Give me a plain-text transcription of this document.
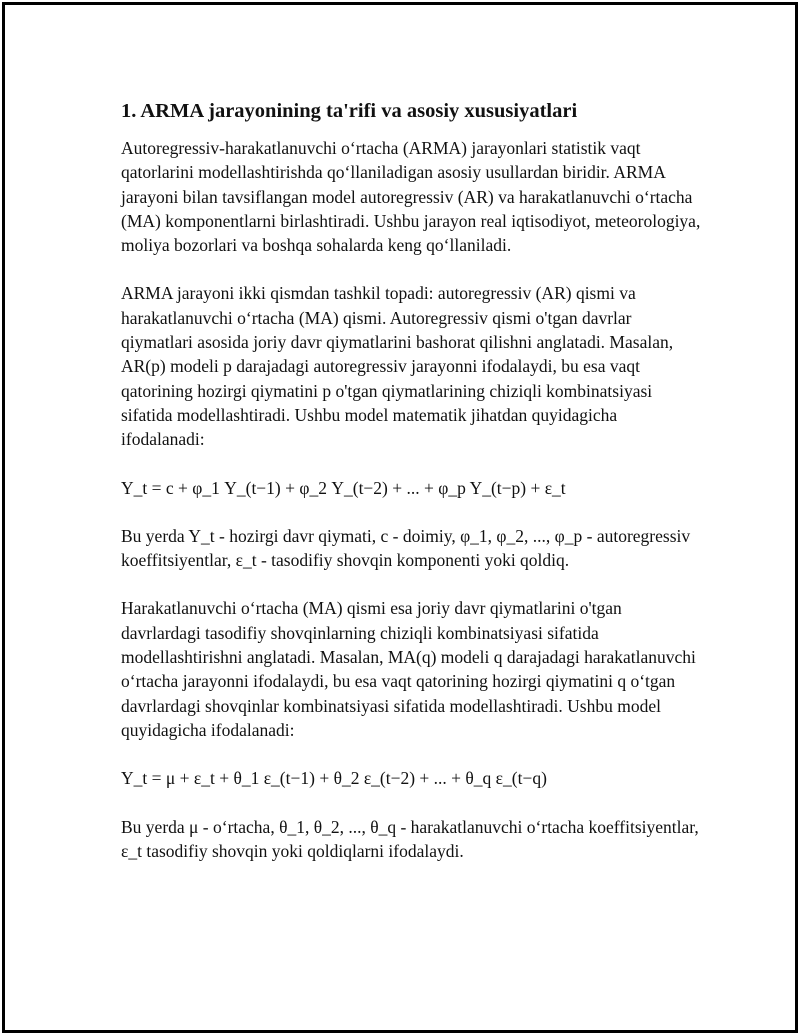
1. ARMA jarayonining ta'rifi va asosiy xususiyatlari

Autoregressiv-harakatlanuvchi oʻrtacha (ARMA) jarayonlari statistik vaqt qatorlarini modellashtirishda qoʻllaniladigan asosiy usullardan biridir. ARMA jarayoni bilan tavsiflangan model autoregressiv (AR) va harakatlanuvchi oʻrtacha (MA) komponentlarni birlashtiradi. Ushbu jarayon real iqtisodiyot, meteorologiya, moliya bozorlari va boshqa sohalarda keng qoʻllaniladi.

ARMA jarayoni ikki qismdan tashkil topadi: autoregressiv (AR) qismi va harakatlanuvchi oʻrtacha (MA) qismi. Autoregressiv qismi o'tgan davrlar qiymatlari asosida joriy davr qiymatlarini bashorat qilishni anglatadi. Masalan, AR(p) modeli p darajadagi autoregressiv jarayonni ifodalaydi, bu esa vaqt qatorining hozirgi qiymatini p o'tgan qiymatlarining chiziqli kombinatsiyasi sifatida modellashtiradi. Ushbu model matematik jihatdan quyidagicha ifodalanadi:

Y_t = c + φ_1 Y_(t−1) + φ_2 Y_(t−2) + ... + φ_p Y_(t−p) + ε_t

Bu yerda Y_t - hozirgi davr qiymati, c - doimiy, φ_1, φ_2, ..., φ_p - autoregressiv koeffitsiyentlar, ε_t - tasodifiy shovqin komponenti yoki qoldiq.

Harakatlanuvchi oʻrtacha (MA) qismi esa joriy davr qiymatlarini o'tgan davrlardagi tasodifiy shovqinlarning chiziqli kombinatsiyasi sifatida modellashtirishni anglatadi. Masalan, MA(q) modeli q darajadagi harakatlanuvchi oʻrtacha jarayonni ifodalaydi, bu esa vaqt qatorining hozirgi qiymatini q oʻtgan davrlardagi shovqinlar kombinatsiyasi sifatida modellashtiradi. Ushbu model quyidagicha ifodalanadi:

Y_t = μ + ε_t + θ_1 ε_(t−1) + θ_2 ε_(t−2) + ... + θ_q ε_(t−q)

Bu yerda μ - oʻrtacha, θ_1, θ_2, ..., θ_q - harakatlanuvchi oʻrtacha koeffitsiyentlar, ε_t tasodifiy shovqin yoki qoldiqlarni ifodalaydi.
